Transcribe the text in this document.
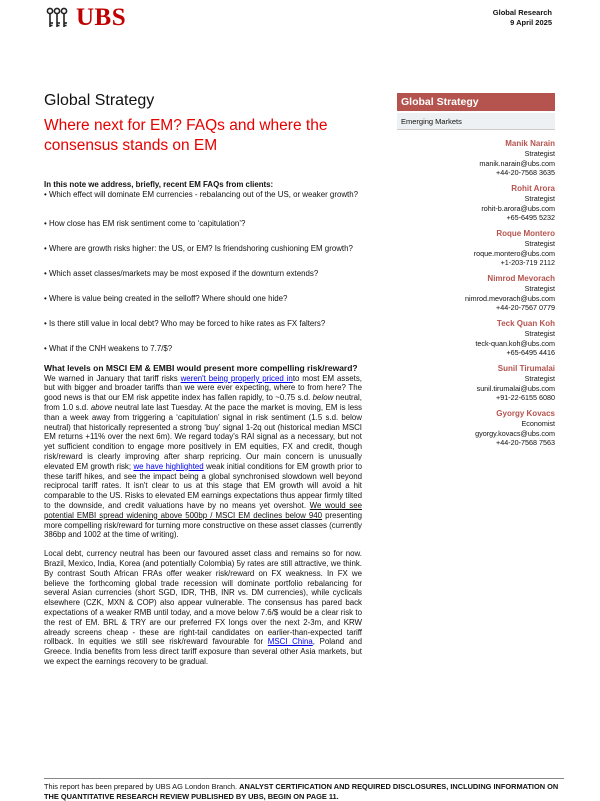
UBS	Global Research
9 April 2025
Global Strategy
Where next for EM? FAQs and where the consensus stands on EM
Global Strategy
Emerging Markets
Manik Narain
Strategist
manik.narain@ubs.com
+44-20-7568 3635
Rohit Arora
Strategist
rohit-b.arora@ubs.com
+65-6495 5232
Roque Montero
Strategist
roque.montero@ubs.com
+1-203-719 2112
Nimrod Mevorach
Strategist
nimrod.mevorach@ubs.com
+44-20-7567 0779
Teck Quan Koh
Strategist
teck-quan.koh@ubs.com
+65-6495 4416
Sunil Tirumalai
Strategist
sunil.tirumalai@ubs.com
+91-22-6155 6080
Gyorgy Kovacs
Economist
gyorgy.kovacs@ubs.com
+44-20-7568 7563

In this note we address, briefly, recent EM FAQs from clients:

• Which effect will dominate EM currencies - rebalancing out of the US, or weaker growth?

• How close has EM risk sentiment come to ‘capitulation’?

• Where are growth risks higher: the US, or EM? Is friendshoring cushioning EM growth?

• Which asset classes/markets may be most exposed if the downturn extends?

• Where is value being created in the selloff? Where should one hide?

• Is there still value in local debt? Who may be forced to hike rates as FX falters?

• What if the CNH weakens to 7.7/$?

What levels on MSCI EM & EMBI would present more compelling risk/reward?

We warned in January that tariff risks weren't being properly priced into most EM assets, but with bigger and broader tariffs than we were ever expecting, where to from here? The good news is that our EM risk appetite index has fallen rapidly, to ~0.75 s.d. below neutral, from 1.0 s.d. above neutral late last Tuesday. At the pace the market is moving, EM is less than a week away from triggering a ‘capitulation’ signal in risk sentiment (1.5 s.d. below neutral) that historically represented a strong ‘buy’ signal 1-2q out (historical median MSCI EM returns +11% over the next 6m). We regard today's RAI signal as a necessary, but not yet sufficient condition to engage more positively in EM equities, FX and credit, though risk/reward is clearly improving after sharp repricing. Our main concern is unusually elevated EM growth risk; we have highlighted weak initial conditions for EM growth prior to these tariff hikes, and see the impact being a global synchronised slowdown well beyond reciprocal tariff rates. It isn't clear to us at this stage that EM growth will avoid a hit comparable to the US. Risks to elevated EM earnings expectations thus appear firmly tilted to the downside, and credit valuations have by no means yet overshot. We would see potential EMBI spread widening above 500bp / MSCI EM declines below 940 presenting more compelling risk/reward for turning more constructive on these asset classes (currently 386bp and 1002 at the time of writing).

Local debt, currency neutral has been our favoured asset class and remains so for now. Brazil, Mexico, India, Korea (and potentially Colombia) 5y rates are still attractive, we think. By contrast South African FRAs offer weaker risk/reward on FX weakness. In FX we believe the forthcoming global trade recession will dominate portfolio rebalancing for several Asian currencies (short SGD, IDR, THB, INR vs. DM currencies), while cyclicals elsewhere (CZK, MXN & COP) also appear vulnerable. The consensus has pared back expectations of a weaker RMB until today, and a move below 7.6/$ would be a clear risk to the rest of EM. BRL & TRY are our preferred FX longs over the next 2-3m, and KRW already screens cheap - these are right-tail candidates on earlier-than-expected tariff rollback. In equities we still see risk/reward favourable for MSCI China, Poland and Greece. India benefits from less direct tariff exposure than several other Asia markets, but we expect the earnings recovery to be gradual.

This report has been prepared by UBS AG London Branch. ANALYST CERTIFICATION AND REQUIRED DISCLOSURES, INCLUDING INFORMATION ON THE QUANTITATIVE RESEARCH REVIEW PUBLISHED BY UBS, BEGIN ON PAGE 11.
